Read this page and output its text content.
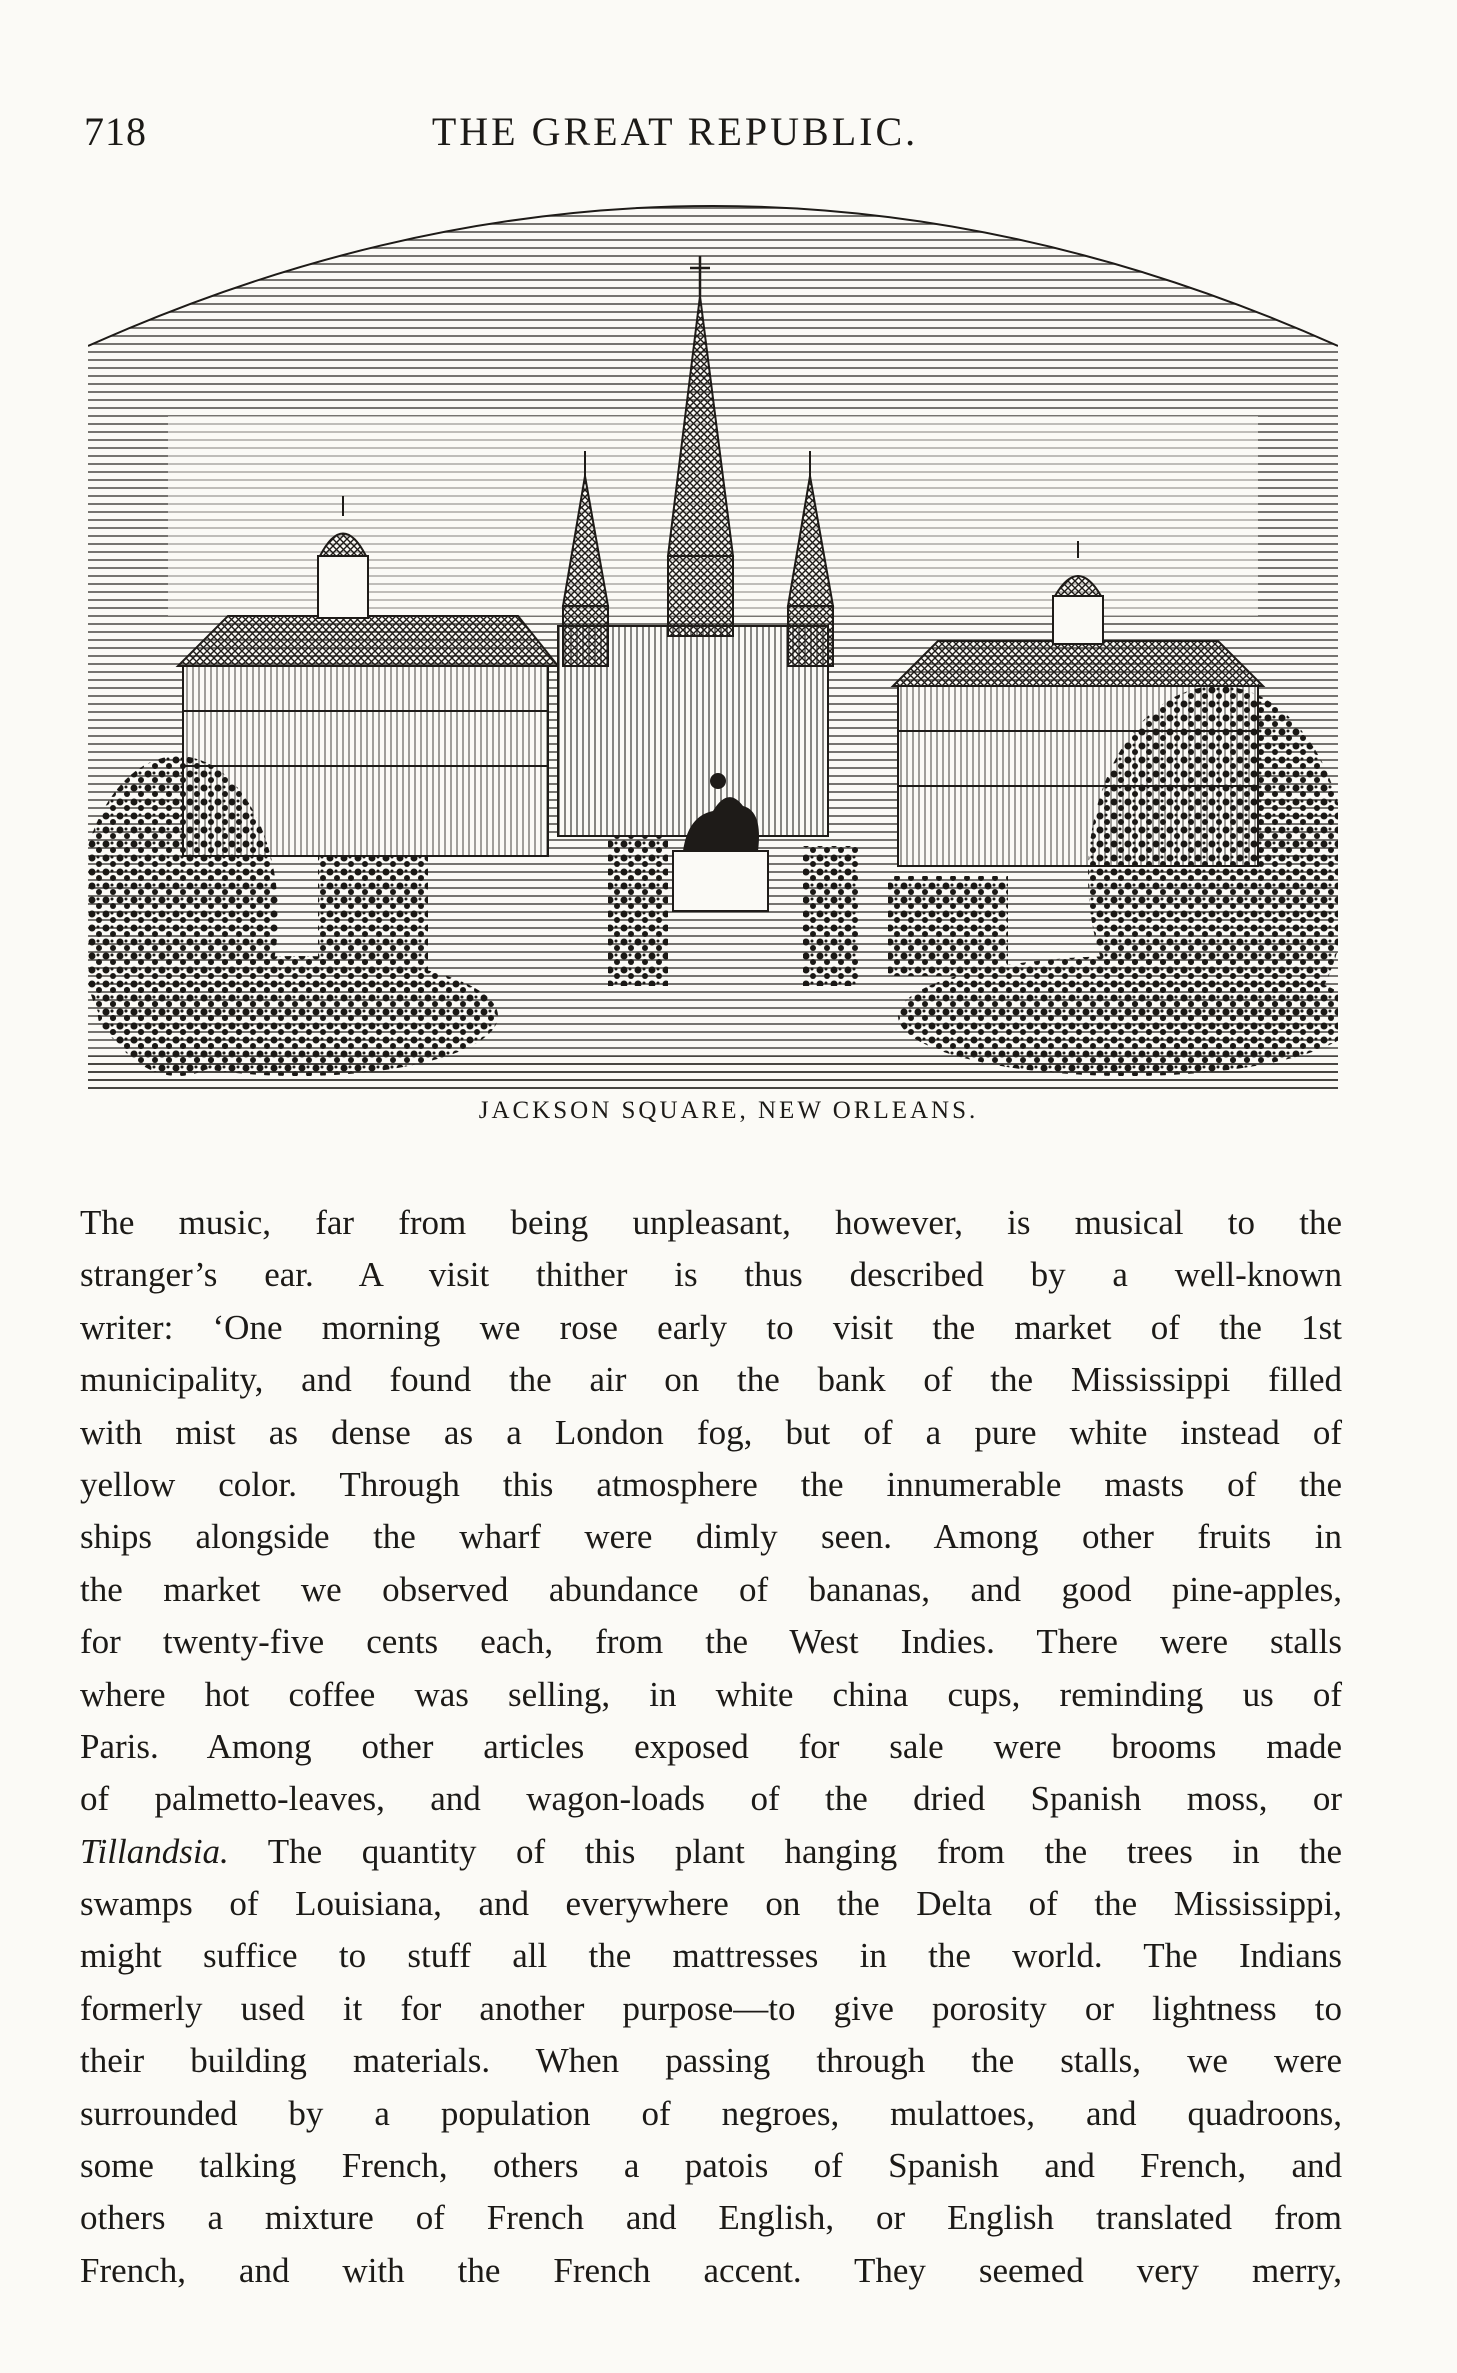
718	THE GREAT REPUBLIC.
JACKSON SQUARE, NEW ORLEANS.
The music, far from being unpleasant, however, is musical to the
stranger’s ear. A visit thither is thus described by a well-known
writer: ‘One morning we rose early to visit the market of the 1st
municipality, and found the air on the bank of the Mississippi filled
with mist as dense as a London fog, but of a pure white instead of
yellow color. Through this atmosphere the innumerable masts of the
ships alongside the wharf were dimly seen. Among other fruits in
the market we observed abundance of bananas, and good pine-apples,
for twenty-five cents each, from the West Indies. There were stalls
where hot coffee was selling, in white china cups, reminding us of
Paris. Among other articles exposed for sale were brooms made
of palmetto-leaves, and wagon-loads of the dried Spanish moss, or
Tillandsia. The quantity of this plant hanging from the trees in the
swamps of Louisiana, and everywhere on the Delta of the Mississippi,
might suffice to stuff all the mattresses in the world. The Indians
formerly used it for another purpose—to give porosity or lightness to
their building materials. When passing through the stalls, we were
surrounded by a population of negroes, mulattoes, and quadroons,
some talking French, others a patois of Spanish and French, and
others a mixture of French and English, or English translated from
French, and with the French accent. They seemed very merry,
